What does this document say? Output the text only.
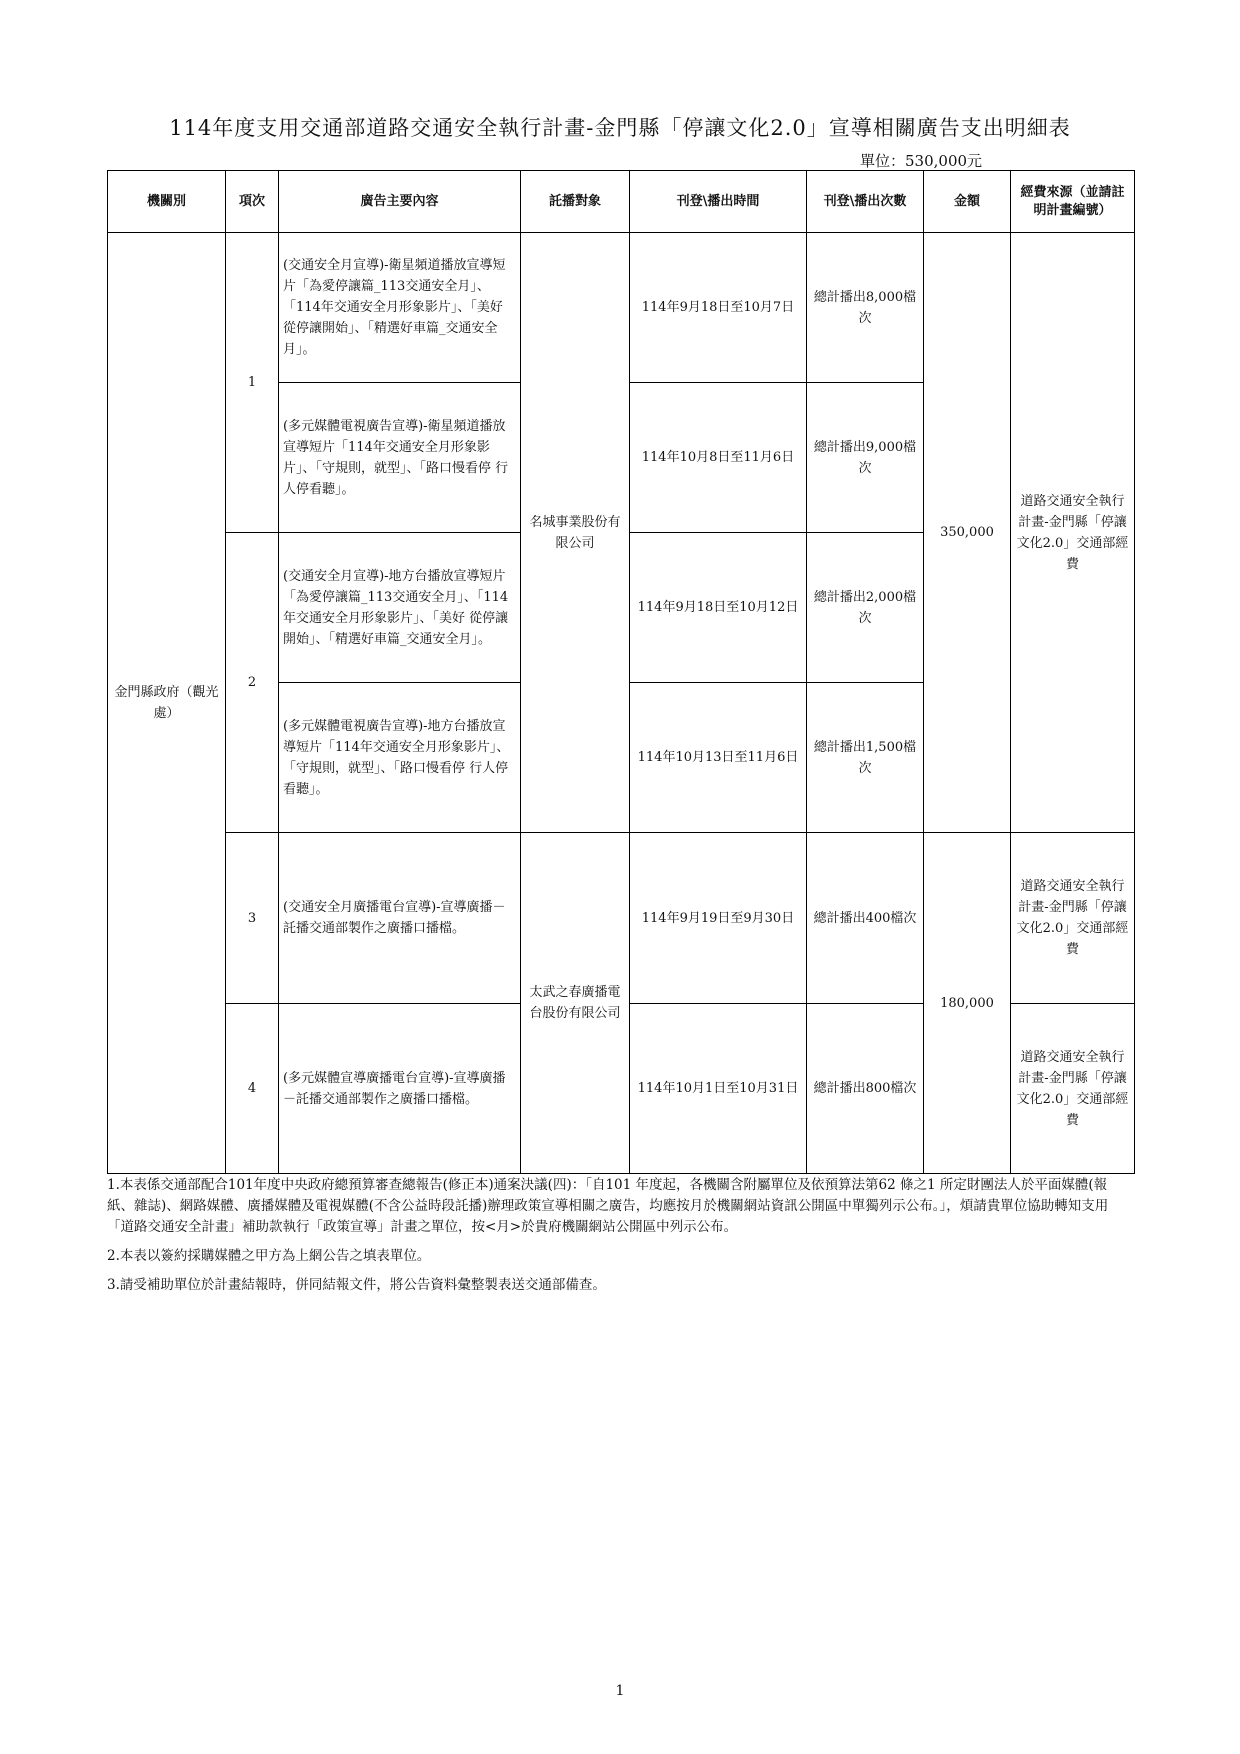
114年度支用交通部道路交通安全執行計畫-金門縣「停讓文化2.0」宣導相關廣告支出明細表
單位：530,000元
機關別	項次	廣告主要內容	託播對象	刊登\播出時間	刊登\播出次數	金額	經費來源（並請註明計畫編號）
金門縣政府（觀光處）	1	(交通安全月宣導)-衛星頻道播放宣導短片「為愛停讓篇_113交通安全月」、「114年交通安全月形象影片」、「美好 從停讓開始」、「精選好車篇_交通安全月」。	名城事業股份有限公司	114年9月18日至10月7日	總計播出8,000檔次	350,000	道路交通安全執行計畫-金門縣「停讓文化2.0」交通部經費
		(多元媒體電視廣告宣導)-衛星頻道播放宣導短片「114年交通安全月形象影片」、「守規則，就型」、「路口慢看停 行人停看聽」。		114年10月8日至11月6日	總計播出9,000檔次		
	2	(交通安全月宣導)-地方台播放宣導短片「為愛停讓篇_113交通安全月」、「114年交通安全月形象影片」、「美好 從停讓開始」、「精選好車篇_交通安全月」。		114年9月18日至10月12日	總計播出2,000檔次		
		(多元媒體電視廣告宣導)-地方台播放宣導短片「114年交通安全月形象影片」、「守規則，就型」、「路口慢看停 行人停看聽」。		114年10月13日至11月6日	總計播出1,500檔次		
	3	(交通安全月廣播電台宣導)-宣導廣播－託播交通部製作之廣播口播檔。	太武之春廣播電台股份有限公司	114年9月19日至9月30日	總計播出400檔次	180,000	道路交通安全執行計畫-金門縣「停讓文化2.0」交通部經費
	4	(多元媒體宣導廣播電台宣導)-宣導廣播－託播交通部製作之廣播口播檔。		114年10月1日至10月31日	總計播出800檔次		道路交通安全執行計畫-金門縣「停讓文化2.0」交通部經費

1.本表係交通部配合101年度中央政府總預算審查總報告(修正本)通案決議(四)：「自101 年度起，各機關含附屬單位及依預算法第62 條之1 所定財團法人於平面媒體(報紙、雜誌)、網路媒體、廣播媒體及電視媒體(不含公益時段託播)辦理政策宣導相關之廣告，均應按月於機關網站資訊公開區中單獨列示公布。」，煩請貴單位協助轉知支用「道路交通安全計畫」補助款執行「政策宣導」計畫之單位，按<月>於貴府機關網站公開區中列示公布。

2.本表以簽約採購媒體之甲方為上網公告之填表單位。

3.請受補助單位於計畫結報時，併同結報文件，將公告資料彙整製表送交通部備查。

1
